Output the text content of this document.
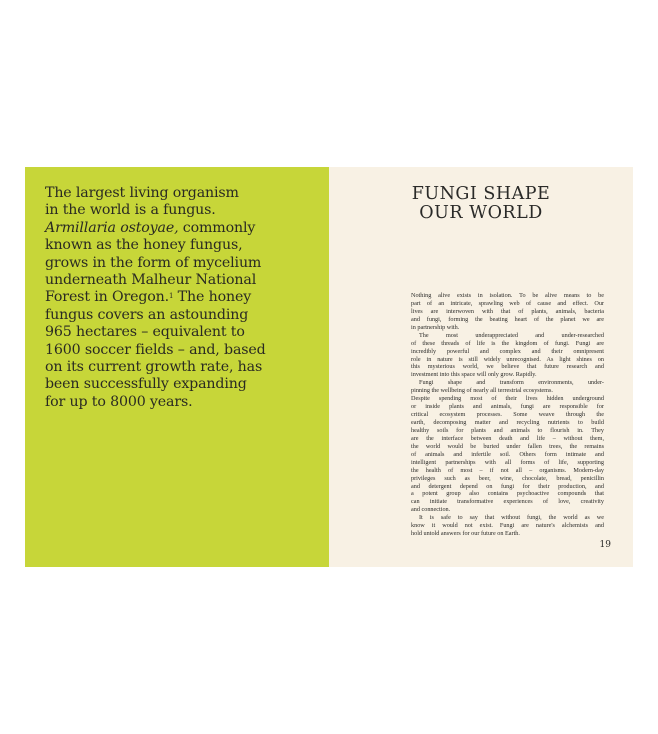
The largest living organism
in the world is a fungus.
Armillaria ostoyae, commonly
known as the honey fungus,
grows in the form of mycelium
underneath Malheur National
Forest in Oregon.$^1$ The honey
fungus covers an astounding
965 hectares – equivalent to
1600 soccer fields – and, based
on its current growth rate, has
been successfully expanding
for up to 8000 years.

FUNGI SHAPE
OUR WORLD
Nothing alive exists in isolation. To be alive means to be
part of an intricate, sprawling web of cause and effect. Our
lives are interwoven with that of plants, animals, bacteria
and fungi, forming the beating heart of the planet we are
in partnership with.
The most underappreciated and under-researched
of these threads of life is the kingdom of fungi. Fungi are
incredibly powerful and complex and their omnipresent
role in nature is still widely unrecognised. As light shines on
this mysterious world, we believe that future research and
investment into this space will only grow. Rapidly.
Fungi shape and transform environments, under-
pinning the wellbeing of nearly all terrestrial ecosystems.
Despite spending most of their lives hidden underground
or inside plants and animals, fungi are responsible for
critical ecosystem processes. Some weave through the
earth, decomposing matter and recycling nutrients to build
healthy soils for plants and animals to flourish in. They
are the interface between death and life – without them,
the world would be buried under fallen trees, the remains
of animals and infertile soil. Others form intimate and
intelligent partnerships with all forms of life, supporting
the health of most – if not all – organisms. Modern-day
privileges such as beer, wine, chocolate, bread, penicillin
and detergent depend on fungi for their production, and
a potent group also contains psychoactive compounds that
can initiate transformative experiences of love, creativity
and connection.
It is safe to say that without fungi, the world as we
know it would not exist. Fungi are nature's alchemists and
hold untold answers for our future on Earth.
19
